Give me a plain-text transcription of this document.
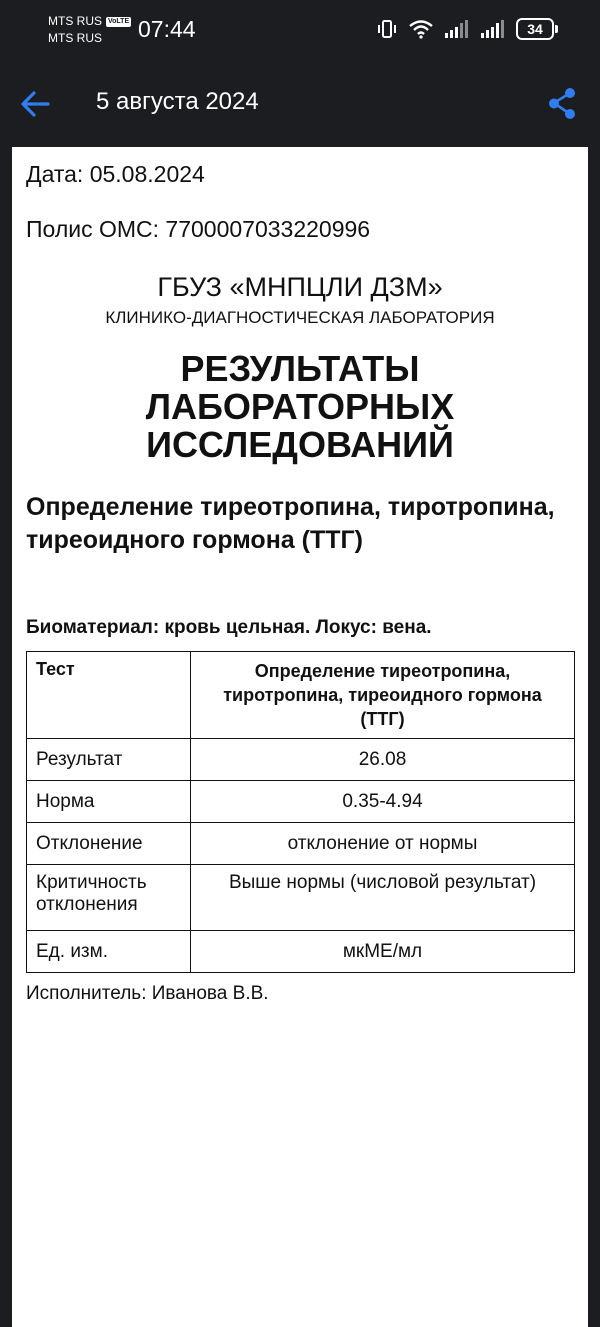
MTS RUS VoLTE
MTS RUS	07:44	34
5 августа 2024
Дата: 05.08.2024
Полис ОМС: 7700007033220996
ГБУЗ «МНПЦЛИ ДЗМ»
КЛИНИКО-ДИАГНОСТИЧЕСКАЯ ЛАБОРАТОРИЯ
РЕЗУЛЬТАТЫ
ЛАБОРАТОРНЫХ
ИССЛЕДОВАНИЙ
Определение тиреотропина, тиротропина, тиреоидного гормона (ТТГ)
Биоматериал: кровь цельная. Локус: вена.
Тест	Определение тиреотропина, тиротропина, тиреоидного гормона (ТТГ)
Результат	26.08
Норма	0.35-4.94
Отклонение	отклонение от нормы
Критичность отклонения	Выше нормы (числовой результат)
Ед. изм.	мкМЕ/мл
Исполнитель: Иванова В.В.
